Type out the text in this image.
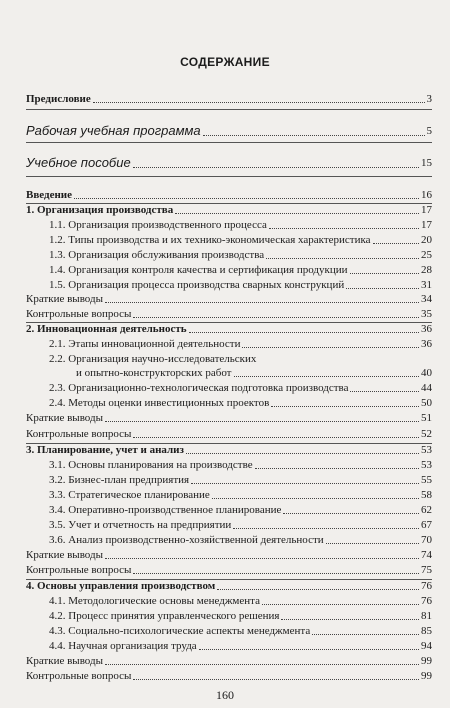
СОДЕРЖАНИЕ
Предисловие	3
Рабочая учебная программа	5
Учебное пособие	15
Введение	16
1. Организация производства	17
1.1. Организация производственного процесса	17
1.2. Типы производства и их технико-экономическая характеристика	20
1.3. Организация обслуживания производства	25
1.4. Организация контроля качества и сертификация продукции	28
1.5. Организация процесса производства сварных конструкций	31
Краткие выводы	34
Контрольные вопросы	35
2. Инновационная деятельность	36
2.1. Этапы инновационной деятельности	36
2.2. Организация научно-исследовательских
и опытно-конструкторских работ	40
2.3. Организационно-технологическая подготовка производства	44
2.4. Методы оценки инвестиционных проектов	50
Краткие выводы	51
Контрольные вопросы	52
3. Планирование, учет и анализ	53
3.1. Основы планирования на производстве	53
3.2. Бизнес-план предприятия	55
3.3. Стратегическое планирование	58
3.4. Оперативно-производственное планирование	62
3.5. Учет и отчетность на предприятии	67
3.6. Анализ производственно-хозяйственной деятельности	70
Краткие выводы	74
Контрольные вопросы	75
4. Основы управления производством	76
4.1. Методологические основы менеджмента	76
4.2. Процесс принятия управленческого решения	81
4.3. Социально-психологические аспекты менеджмента	85
4.4. Научная организация труда	94
Краткие выводы	99
Контрольные вопросы	99
160
